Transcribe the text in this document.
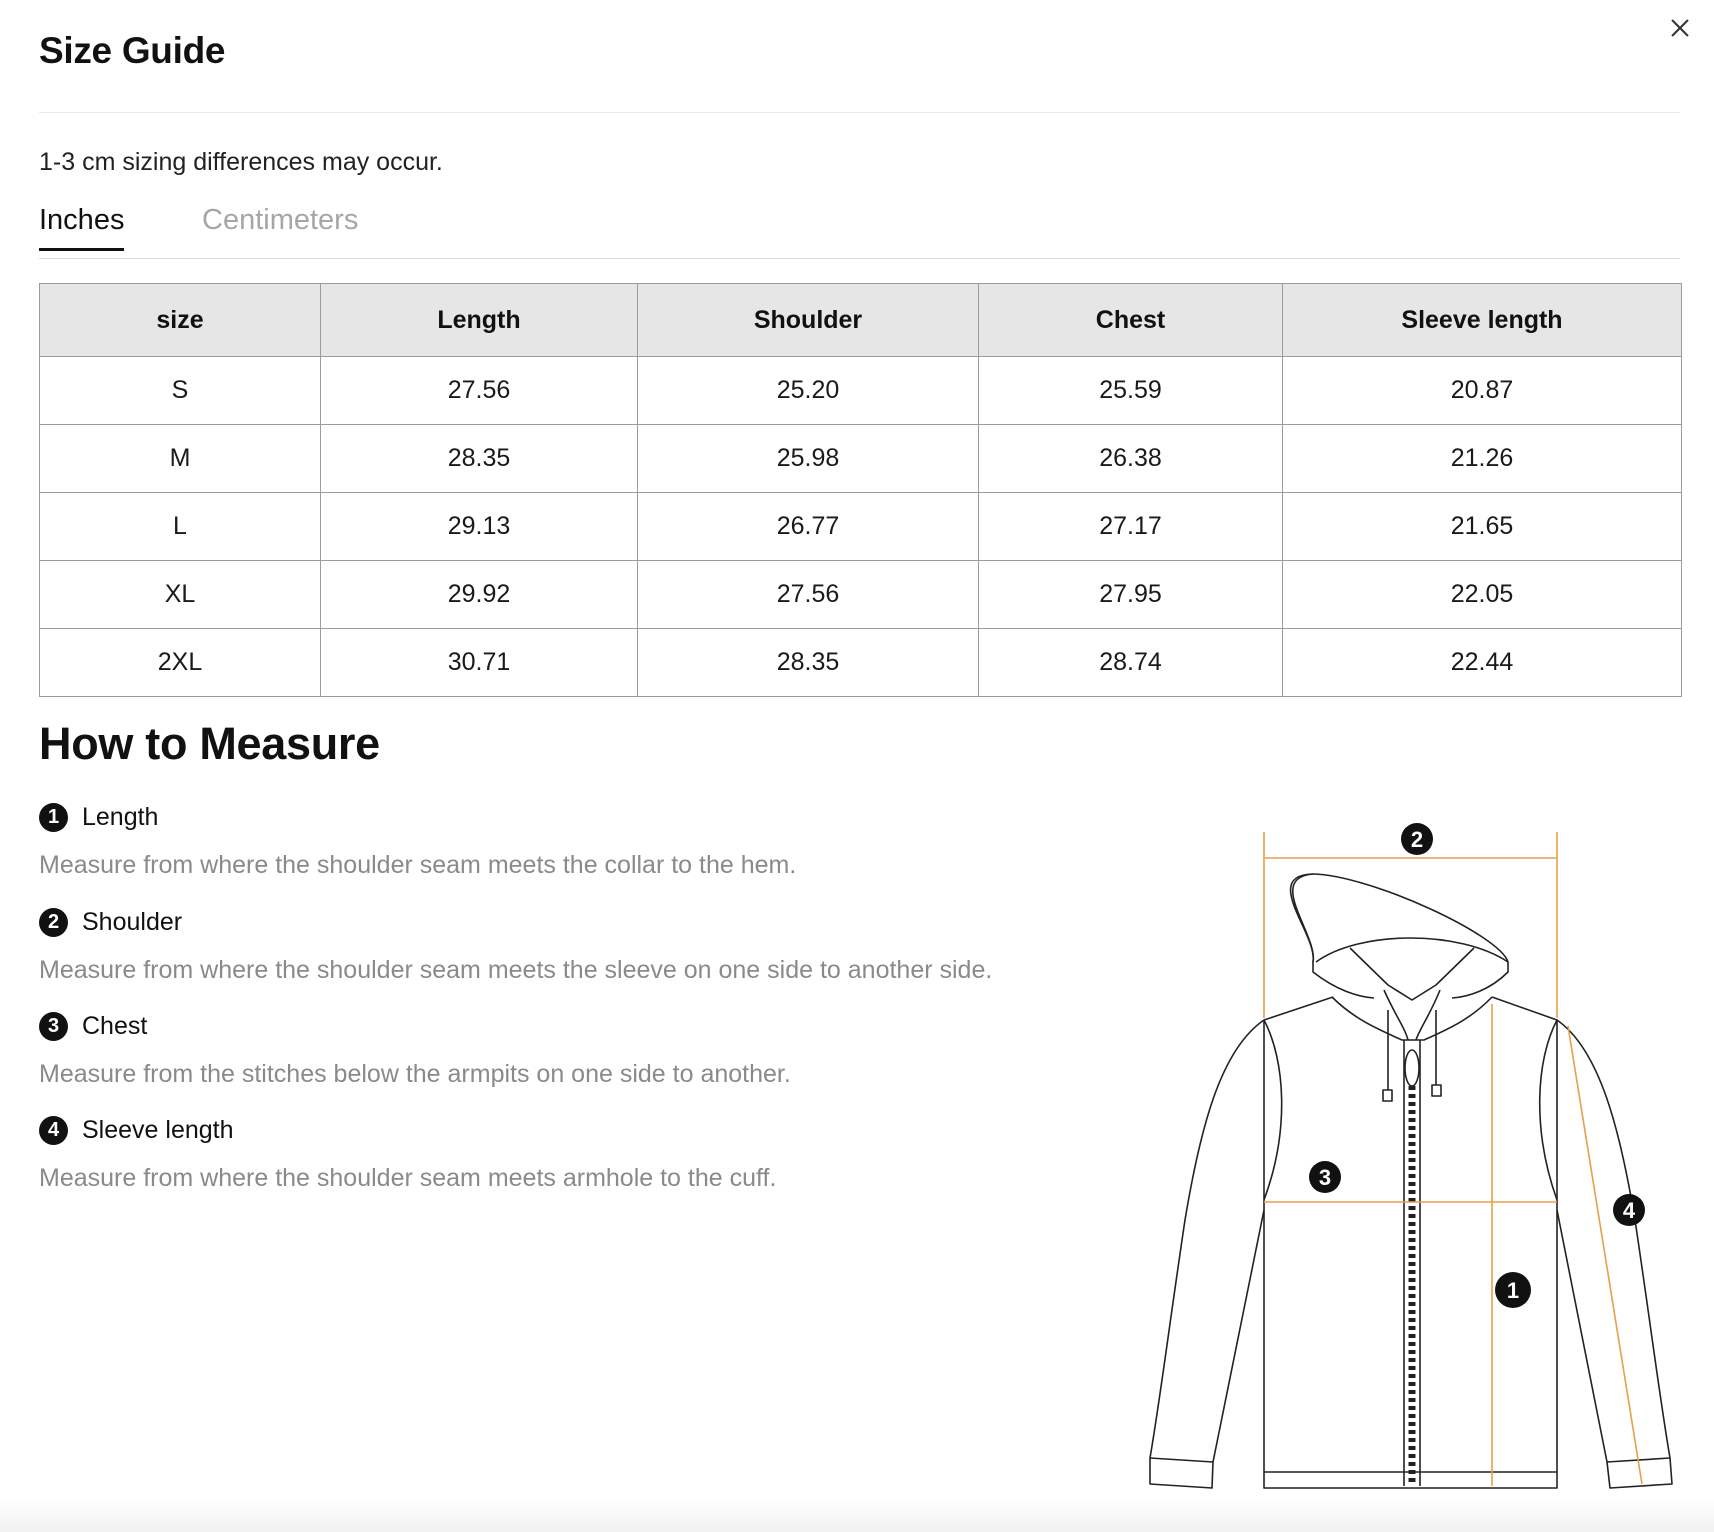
Size Guide
1-3 cm sizing differences may occur.
Inches	Centimeters
size	Length	Shoulder	Chest	Sleeve length
S	27.56	25.20	25.59	20.87
M	28.35	25.98	26.38	21.26
L	29.13	26.77	27.17	21.65
XL	29.92	27.56	27.95	22.05
2XL	30.71	28.35	28.74	22.44
How to Measure
1 Length
Measure from where the shoulder seam meets the collar to the hem.
2 Shoulder
Measure from where the shoulder seam meets the sleeve on one side to another side.
3 Chest
Measure from the stitches below the armpits on one side to another.
4 Sleeve length
Measure from where the shoulder seam meets armhole to the cuff.
2
3
1
4
